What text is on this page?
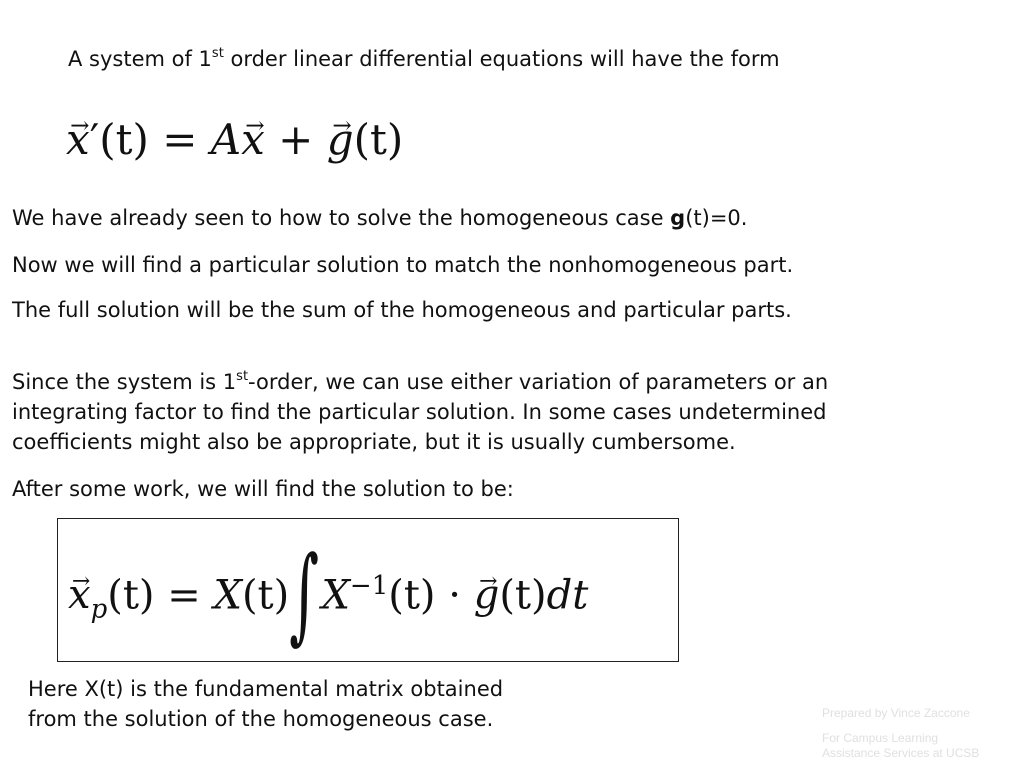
A system of 1st order linear differential equations will have the form

→ x′(t) = A→ x + → g(t)

We have already seen to how to solve the homogeneous case g(t)=0.

Now we will find a particular solution to match the nonhomogeneous part.

The full solution will be the sum of the homogeneous and particular parts.

Since the system is 1st-order, we can use either variation of parameters or an

integrating factor to find the particular solution. In some cases undetermined

coefficients might also be appropriate, but it is usually cumbersome.

After some work, we will find the solution to be:

→ $x_p(t) = X(t)\int X^{-1}(t)$ · → g(t)dt

Here X(t) is the fundamental matrix obtained

from the solution of the homogeneous case.	Prepared by Vince Zaccone
For Campus Learning
Assistance Services at UCSB
